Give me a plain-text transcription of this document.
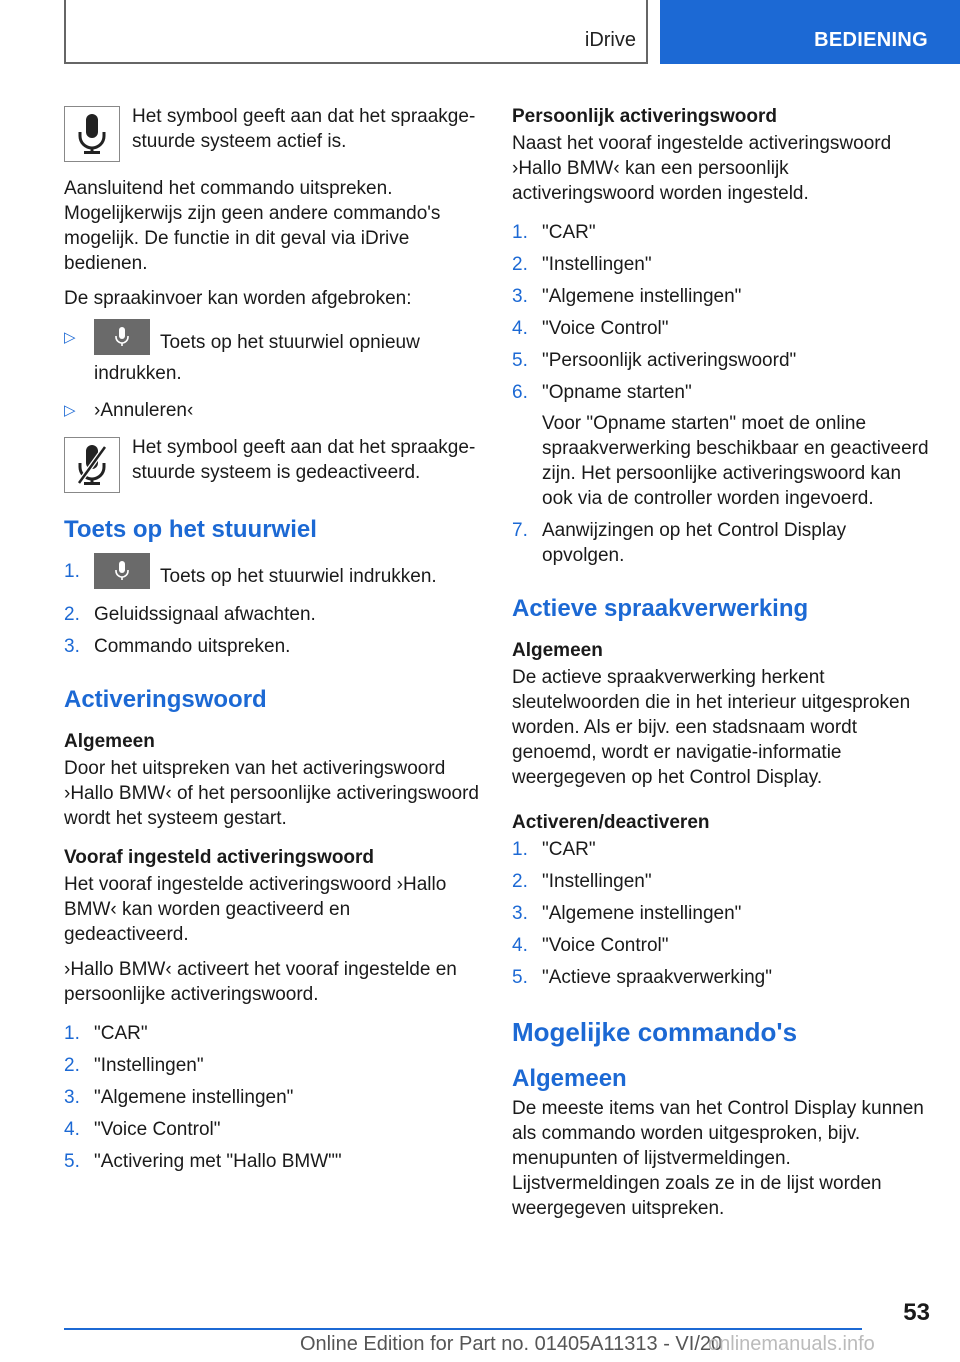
iDrive	BEDIENING
Het symbool geeft aan dat het spraakgestuurde systeem actief is.

Aansluitend het commando uitspreken. Mogelijkerwijs zijn geen andere commando's mogelijk. De functie in dit geval via iDrive bedienen.

De spraakinvoer kan worden afgebroken:

▷	Toets op het stuurwiel opnieuw indrukken.
▷ ›Annuleren‹
Het symbool geeft aan dat het spraakgestuurde systeem is gedeactiveerd.
Toets op het stuurwiel
1.	Toets op het stuurwiel indrukken.
2. Geluidssignaal afwachten.
3. Commando uitspreken.
Activeringswoord
Algemeen

Door het uitspreken van het activeringswoord ›Hallo BMW‹ of het persoonlijke activeringswoord wordt het systeem gestart.

Vooraf ingesteld activeringswoord

Het vooraf ingestelde activeringswoord ›Hallo BMW‹ kan worden geactiveerd en gedeactiveerd.

›Hallo BMW‹ activeert het vooraf ingestelde en persoonlijke activeringswoord.

1. "CAR"
2. "Instellingen"
3. "Algemene instellingen"
4. "Voice Control"
5. "Activering met "Hallo BMW""
Persoonlijk activeringswoord

Naast het vooraf ingestelde activeringswoord ›Hallo BMW‹ kan een persoonlijk activeringswoord worden ingesteld.

1. "CAR"
2. "Instellingen"
3. "Algemene instellingen"
4. "Voice Control"
5. "Persoonlijk activeringswoord"
6. "Opname starten"
Voor "Opname starten" moet de online spraakverwerking beschikbaar en geactiveerd zijn. Het persoonlijke activeringswoord kan ook via de controller worden ingevoerd.
7. Aanwijzingen op het Control Display opvolgen.
Actieve spraakverwerking
Algemeen

De actieve spraakverwerking herkent sleutelwoorden die in het interieur uitgesproken worden. Als er bijv. een stadsnaam wordt genoemd, wordt er navigatie-informatie weergegeven op het Control Display.

Activeren/deactiveren
1. "CAR"
2. "Instellingen"
3. "Algemene instellingen"
4. "Voice Control"
5. "Actieve spraakverwerking"
Mogelijke commando's
Algemeen

De meeste items van het Control Display kunnen als commando worden uitgesproken, bijv. menupunten of lijstvermeldingen. Lijstvermeldingen zoals ze in de lijst worden weergegeven uitspreken.

53
Online Edition for Part no. 01405A11313 - VI/20
onlinemanuals.info
